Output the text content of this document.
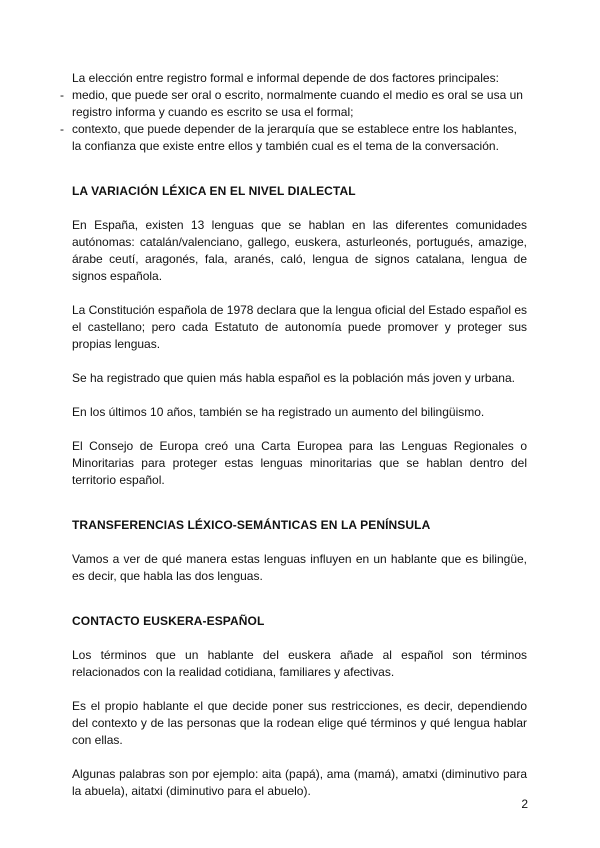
La elección entre registro formal e informal depende de dos factores principales:

- medio, que puede ser oral o escrito, normalmente cuando el medio es oral se usa un registro informa y cuando es escrito se usa el formal;

- contexto, que puede depender de la jerarquía que se establece entre los hablantes, la confianza que existe entre ellos y también cual es el tema de la conversación.

LA VARIACIÓN LÉXICA EN EL NIVEL DIALECTAL

En España, existen 13 lenguas que se hablan en las diferentes comunidades autónomas: catalán/valenciano, gallego, euskera, asturleonés, portugués, amazige, árabe ceutí, aragonés, fala, aranés, caló, lengua de signos catalana, lengua de signos española.

La Constitución española de 1978 declara que la lengua oficial del Estado español es el castellano; pero cada Estatuto de autonomía puede promover y proteger sus propias lenguas.

Se ha registrado que quien más habla español es la población más joven y urbana.

En los últimos 10 años, también se ha registrado un aumento del bilingüismo.

El Consejo de Europa creó una Carta Europea para las Lenguas Regionales o Minoritarias para proteger estas lenguas minoritarias que se hablan dentro del territorio español.

TRANSFERENCIAS LÉXICO-SEMÁNTICAS EN LA PENÍNSULA

Vamos a ver de qué manera estas lenguas influyen en un hablante que es bilingüe, es decir, que habla las dos lenguas.

CONTACTO EUSKERA-ESPAÑOL

Los términos que un hablante del euskera añade al español son términos relacionados con la realidad cotidiana, familiares y afectivas.

Es el propio hablante el que decide poner sus restricciones, es decir, dependiendo del contexto y de las personas que la rodean elige qué términos y qué lengua hablar con ellas.

Algunas palabras son por ejemplo: aita (papá), ama (mamá), amatxi (diminutivo para la abuela), aitatxi (diminutivo para el abuelo).

2
